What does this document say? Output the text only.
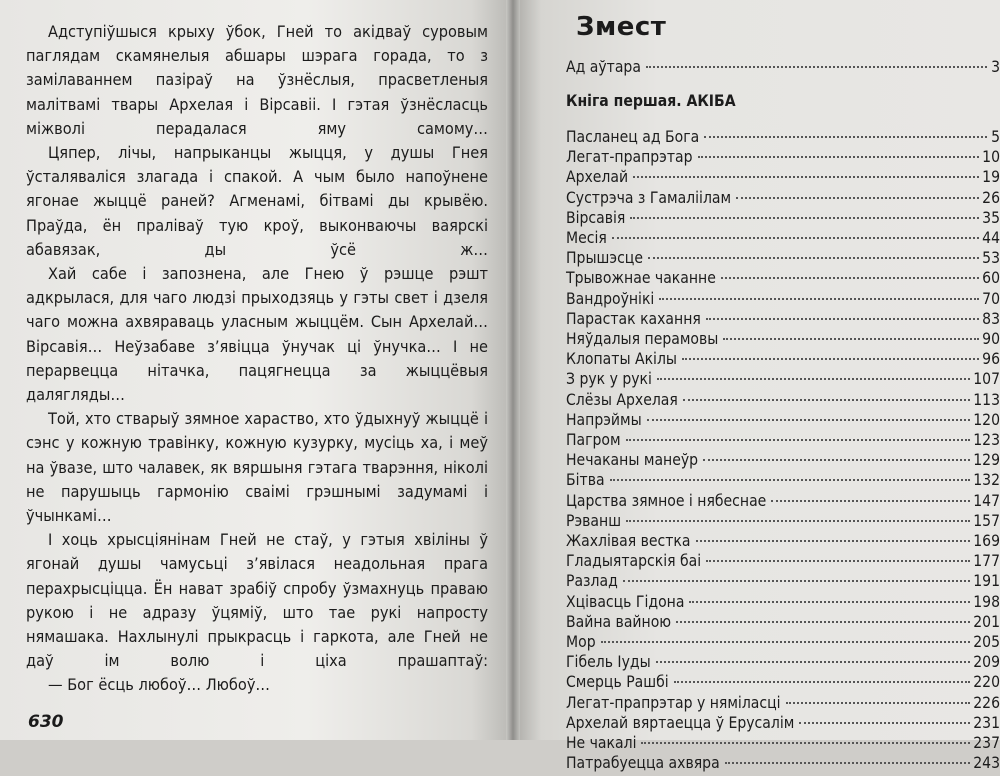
Адступіўшыся крыху ўбок, Гней то акідваў суровым паглядам скамянелыя абшары шэрага горада, то з замілаваннем пазіраў на ўзнёслыя, прасветленыя малітвамі твары Архелая і Вірсавіі. І гэтая ўзнёсласць міжволі перадалася яму самому…

Цяпер, лічы, напрыканцы жыцця, у душы Гнея ўсталяваліся злагада і спакой. А чым было напоўнене ягонае жыццё раней? Агменамі, бітвамі ды крывёю. Праўда, ён праліваў тую кроў, выконваючы ваярскі абавязак, ды ўсё ж…

Хай сабе і запознена, але Гнею ў рэшце рэшт адкрылася, для чаго людзі прыходзяць у гэты свет і дзеля чаго можна ахвяраваць уласным жыццём. Сын Архелай… Вірсавія… Неўзабаве з’явіцца ўнучак ці ўнучка… І не перарвецца нітачка, пацягнецца за жыццёвыя далягляды…

Той, хто стварыў зямное хараство, хто ўдыхнуў жыццё і сэнс у кожную травінку, кожную кузурку, мусіць ха, і меў на ўвазе, што чалавек, як вяршыня гэтага тварэння, ніколі не парушыць гармонію сваімі грэшнымі задумамі і ўчынкамі…

І хоць хрысціянінам Гней не стаў, у гэтыя хвіліны ў ягонай душы чамусьці з’явілася неадольная прага перахрысціцца. Ён нават зрабіў спробу ўзмахнуць праваю рукою і не адразу ўцяміў, што тае рукі напросту нямашака. Нахлынулі прыкрасць і гаркота, але Гней не даў ім волю і ціха прашаптаў:

— Бог ёсць любоў… Любоў…

630
Змест
Ад аўтара	3
Кніга першая. АКІБА
Пасланец ад Бога	5
Легат-прапрэтар	10
Архелай	19
Сустрэча з Гамаліілам	26
Вірсавія	35
Месія	44
Прышэсце	53
Трывожнае чаканне	60
Вандроўнікі	70
Парастак кахання	83
Няўдалыя перамовы	90
Клопаты Акілы	96
З рук у рукі	107
Слёзы Архелая	113
Напрэймы	120
Пагром	123
Нечаканы манеўр	129
Бітва	132
Царства зямное і нябеснае	147
Рэванш	157
Жахлівая вестка	169
Гладыятарскія баі	177
Разлад	191
Хцівасць Гідона	198
Вайна вайною	201
Мор	205
Гібель Іуды	209
Смерць Рашбі	220
Легат-прапрэтар у няміласці	226
Архелай вяртаецца ў Ерусалім	231
Не чакалі	237
Патрабуецца ахвяра	243
